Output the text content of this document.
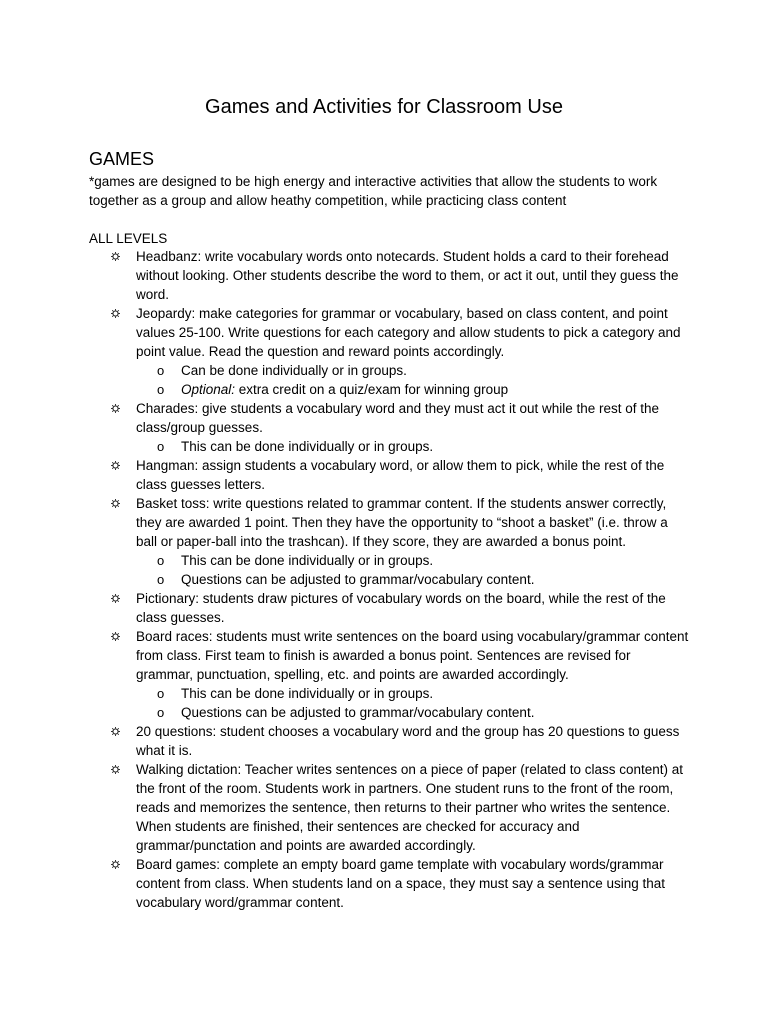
Games and Activities for Classroom Use
GAMES

*games are designed to be high energy and interactive activities that allow the students to work together as a group and allow heathy competition, while practicing class content

ALL LEVELS

Headbanz: write vocabulary words onto notecards. Student holds a card to their forehead without looking. Other students describe the word to them, or act it out, until they guess the word.
Jeopardy: make categories for grammar or vocabulary, based on class content, and point values 25-100. Write questions for each category and allow students to pick a category and point value. Read the question and reward points accordingly.
o Can be done individually or in groups.
o Optional: extra credit on a quiz/exam for winning group
Charades: give students a vocabulary word and they must act it out while the rest of the class/group guesses.
o This can be done individually or in groups.
Hangman: assign students a vocabulary word, or allow them to pick, while the rest of the class guesses letters.
Basket toss: write questions related to grammar content. If the students answer correctly, they are awarded 1 point. Then they have the opportunity to “shoot a basket” (i.e. throw a ball or paper-ball into the trashcan). If they score, they are awarded a bonus point.
o This can be done individually or in groups.
o Questions can be adjusted to grammar/vocabulary content.
Pictionary: students draw pictures of vocabulary words on the board, while the rest of the class guesses.
Board races: students must write sentences on the board using vocabulary/grammar content from class. First team to finish is awarded a bonus point. Sentences are revised for grammar, punctuation, spelling, etc. and points are awarded accordingly.
o This can be done individually or in groups.
o Questions can be adjusted to grammar/vocabulary content.
20 questions: student chooses a vocabulary word and the group has 20 questions to guess what it is.
Walking dictation: Teacher writes sentences on a piece of paper (related to class content) at the front of the room. Students work in partners. One student runs to the front of the room, reads and memorizes the sentence, then returns to their partner who writes the sentence. When students are finished, their sentences are checked for accuracy and grammar/punctation and points are awarded accordingly.
Board games: complete an empty board game template with vocabulary words/grammar content from class. When students land on a space, they must say a sentence using that vocabulary word/grammar content.
